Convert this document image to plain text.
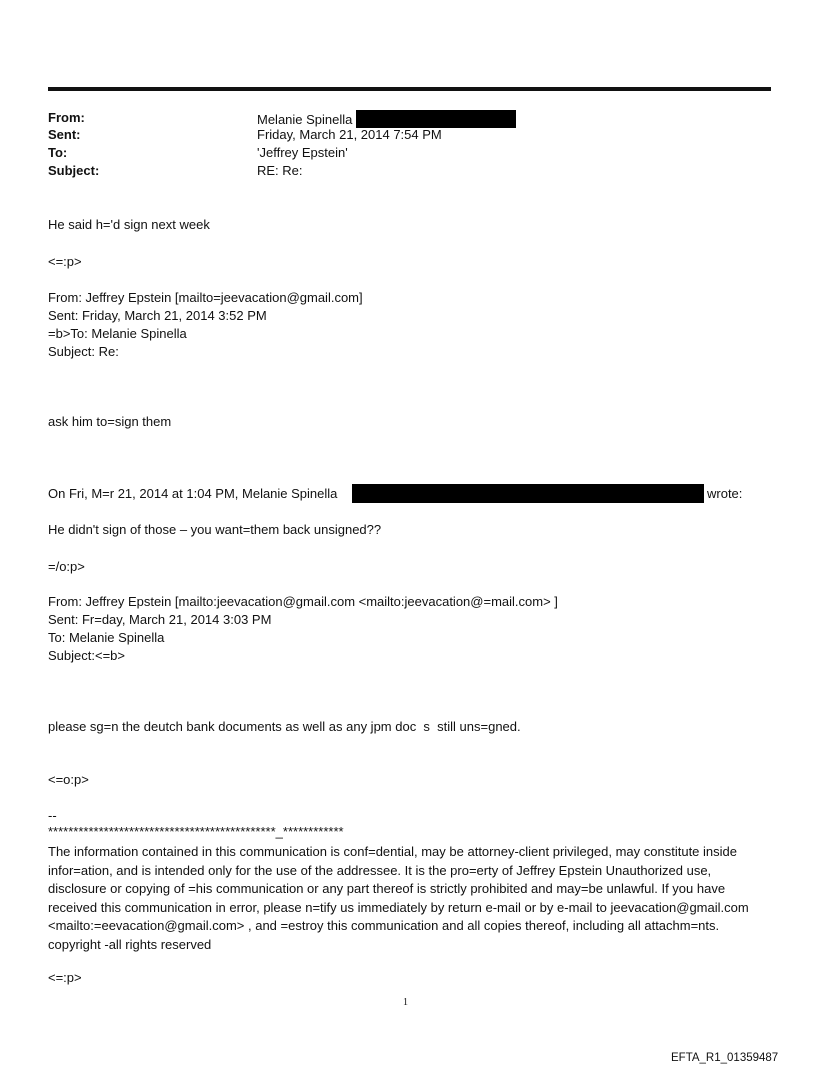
From:
Sent:
To:
Subject:
Melanie Spinella
Friday, March 21, 2014 7:54 PM
'Jeffrey Epstein'
RE: Re:
He said h='d sign next week
<=:p>
From: Jeffrey Epstein [mailto=jeevacation@gmail.com]
Sent: Friday, March 21, 2014 3:52 PM
=b>To: Melanie Spinella
Subject: Re:
ask him to=sign them
On Fri, M=r 21, 2014 at 1:04 PM, Melanie Spinella	wrote:
He didn't sign of those – you want=them back unsigned??
=/o:p>
From: Jeffrey Epstein [mailto:jeevacation@gmail.com <mailto:jeevacation@=mail.com> ]
Sent: Fr=day, March 21, 2014 3:03 PM
To: Melanie Spinella
Subject:<=b>
please sg=n the deutch bank documents as well as any jpm doc  s  still uns=gned.
<=o:p>
--
*********************************************_************
The information contained in this communication is conf=dential, may be attorney-client privileged, may constitute inside infor=ation, and is intended only for the use of the addressee. It is the pro=erty of Jeffrey Epstein Unauthorized use, disclosure or copying of =his communication or any part thereof is strictly prohibited and may=be unlawful. If you have received this communication in error, please n=tify us immediately by return e-mail or by e-mail to jeevacation@gmail.com <mailto:=eevacation@gmail.com> , and =estroy this communication and all copies thereof, including all attachm=nts. copyright -all rights reserved
<=:p>
1
EFTA_R1_01359487
